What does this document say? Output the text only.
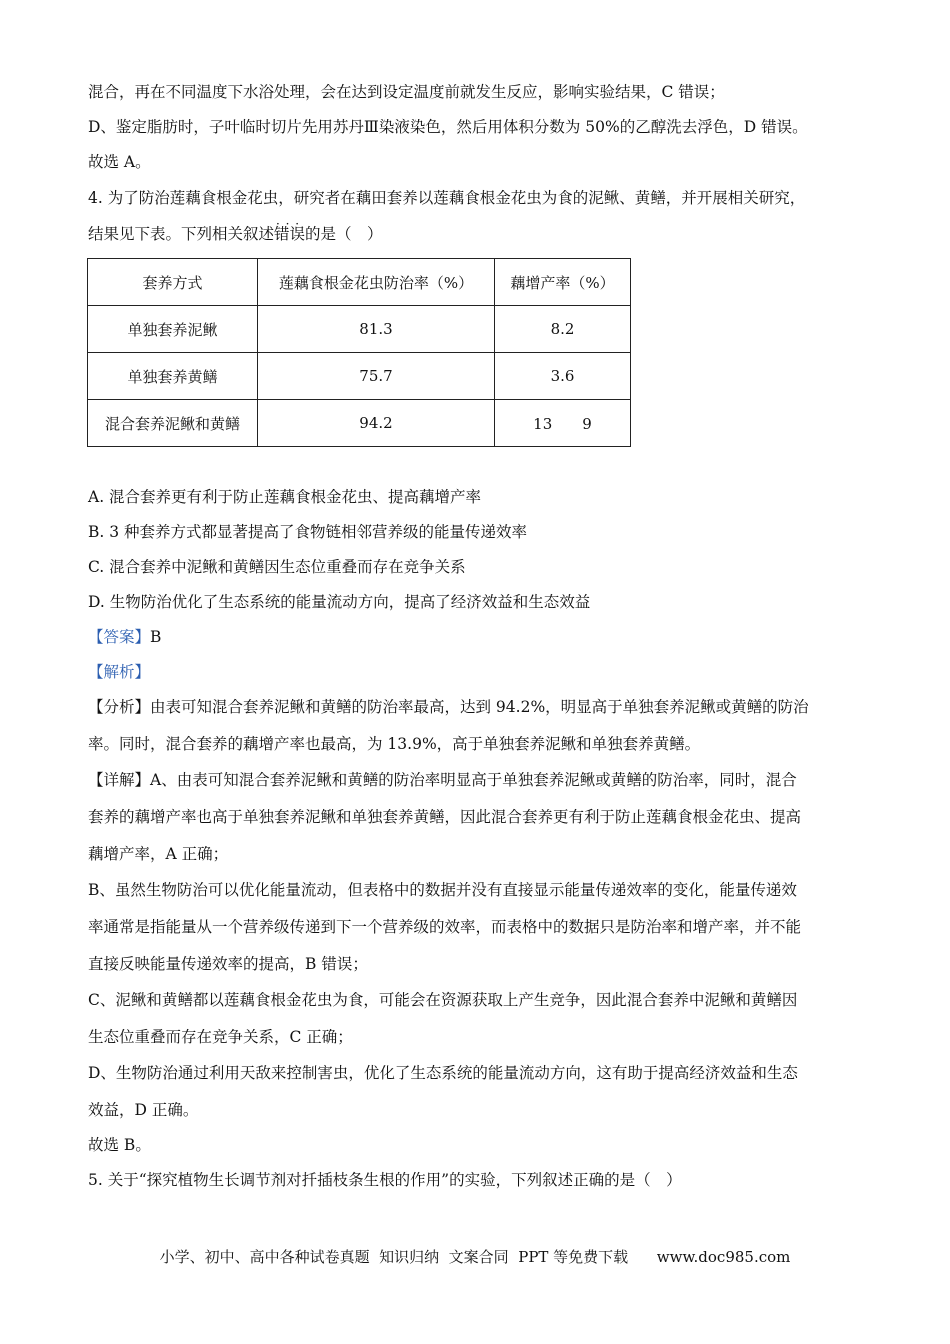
混合，再在不同温度下水浴处理，会在达到设定温度前就发生反应，影响实验结果，C 错误；
D、鉴定脂肪时，子叶临时切片先用苏丹Ⅲ染液染色，然后用体积分数为 50%的乙醇洗去浮色，D 错误。
故选 A。
4. 为了防治莲藕食根金花虫，研究者在藕田套养以莲藕食根金花虫为食的泥鳅、黄鳝，并开展相关研究，
结果见下表。下列相关叙述· · · 错误的是（　）
套养方式	莲藕食根金花虫防治率（%）	藕增产率（%）
单独套养泥鳅	81.3	8.2
单独套养黄鳝	75.7	3.6
混合套养泥鳅和黄鳝	94.2	13　　9
A. 混合套养更有利于防止莲藕食根金花虫、提高藕增产率
B. 3 种套养方式都显著提高了食物链相邻营养级的能量传递效率
C. 混合套养中泥鳅和黄鳝因生态位重叠而存在竞争关系
D. 生物防治优化了生态系统的能量流动方向，提高了经济效益和生态效益
【答案】B
【解析】
【分析】由表可知混合套养泥鳅和黄鳝的防治率最高，达到 94.2%，明显高于单独套养泥鳅或黄鳝的防治
率。同时，混合套养的藕增产率也最高，为 13.9%，高于单独套养泥鳅和单独套养黄鳝。
【详解】A、由表可知混合套养泥鳅和黄鳝的防治率明显高于单独套养泥鳅或黄鳝的防治率，同时，混合
套养的藕增产率也高于单独套养泥鳅和单独套养黄鳝，因此混合套养更有利于防止莲藕食根金花虫、提高
藕增产率，A 正确；
B、虽然生物防治可以优化能量流动，但表格中的数据并没有直接显示能量传递效率的变化，能量传递效
率通常是指能量从一个营养级传递到下一个营养级的效率，而表格中的数据只是防治率和增产率，并不能
直接反映能量传递效率的提高，B 错误；
C、泥鳅和黄鳝都以莲藕食根金花虫为食，可能会在资源获取上产生竞争，因此混合套养中泥鳅和黄鳝因
生态位重叠而存在竞争关系，C 正确；
D、生物防治通过利用天敌来控制害虫，优化了生态系统的能量流动方向，这有助于提高经济效益和生态
效益，D 正确。
故选 B。
5. 关于“探究植物生长调节剂对扦插枝条生根的作用”的实验，下列叙述正确的是（　）
小学、初中、高中各种试卷真题  知识归纳  文案合同  PPT 等免费下载      www.doc985.com
